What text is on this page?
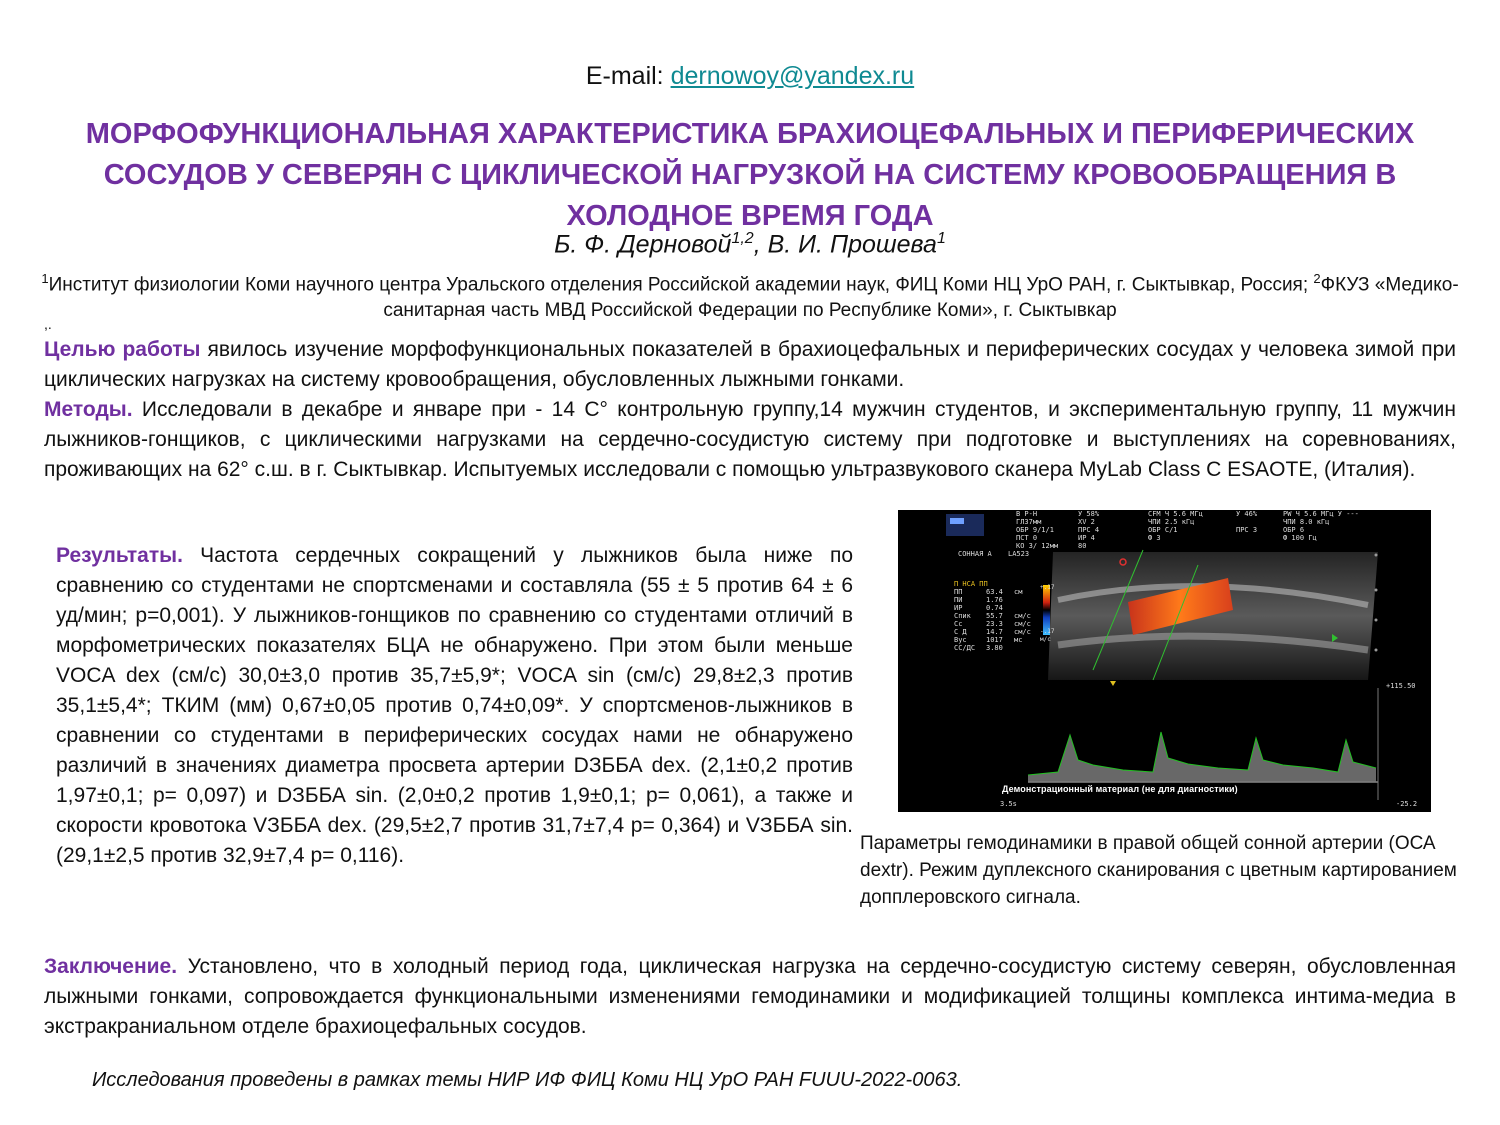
E-mail: dernowoy@yandex.ru
МОРФОФУНКЦИОНАЛЬНАЯ ХАРАКТЕРИСТИКА БРАХИОЦЕФАЛЬНЫХ И ПЕРИФЕРИЧЕСКИХ СОСУДОВ У СЕВЕРЯН С ЦИКЛИЧЕСКОЙ НАГРУЗКОЙ НА СИСТЕМУ КРОВООБРАЩЕНИЯ В ХОЛОДНОЕ ВРЕМЯ ГОДА
Б. Ф. Дерновой$^{1,2}$, В. И. Прошева$^1$
$^1$Институт физиологии Коми научного центра Уральского отделения Российской академии наук, ФИЦ Коми НЦ УрО РАН, г. Сыктывкар, Россия; $^2$ФКУЗ «Медико-санитарная часть МВД Российской Федерации по Республике Коми», г. Сыктывкар
,.
Целью работы явилось изучение морфофункциональных показателей в брахиоцефальных и периферических сосудах у человека зимой при циклических нагрузках на систему кровообращения, обусловленных лыжными гонками.
Методы. Исследовали в декабре и январе при - 14 С° контрольную группу,14 мужчин студентов, и экспериментальную группу, 11 мужчин лыжников-гонщиков, с циклическими нагрузками на сердечно-сосудистую систему при подготовке и выступлениях на соревнованиях, проживающих на 62° с.ш. в г. Сыктывкар. Испытуемых исследовали с помощью ультразвукового сканера MyLab Class C ESAOTE, (Италия).
Результаты. Частота сердечных сокращений у лыжников была ниже по сравнению со студентами не спортсменами и составляла (55 ± 5 против 64 ± 6 уд/мин; p=0,001). У лыжников-гонщиков по сравнению со студентами отличий в морфометрических показателях БЦА не обнаружено. При этом были меньше VOCA dex (см/с) 30,0±3,0 против 35,7±5,9*; VOCA sin (см/с) 29,8±2,3 против 35,1±5,4*; ТКИМ (мм) 0,67±0,05 против 0,74±0,09*. У спортсменов-лыжников в сравнении со студентами в периферических сосудах нами не обнаружено различий в значениях диаметра просвета артерии DЗББА dex. (2,1±0,2 против 1,97±0,1; p= 0,097) и DЗББА sin. (2,0±0,2 против 1,9±0,1; p= 0,061), а также и скорости кровотока VЗББА dex. (29,5±2,7 против 31,7±7,4 p= 0,364) и VЗББА sin. (29,1±2,5 против 32,9±7,4 p= 0,116).
B P-H
ГЛ37мм
ОБР 9/1/1
ПСТ 0
КО 3/ 12мм
У 58%
XV 2
ПРС 4
ИР 4
80
CFM Ч 5.6 МГц
ЧПИ 2.5 кГц
ОБР С/1
Ф 3
У 46%
ПРС 3
PW Ч 5.6 МГц У ---
ЧПИ 8.0 кГц
ОБР 6
Ф 100 Гц
СОННАЯ А LA523
П НСА ПП
ПП	63.4	см
ПИ	1.76
ИР	0.74
Спик	55.7	см/с
Сс	23.3	см/с
С Д	14.7	см/с
Вус	1017	мс
СС/ДС	3.80
+.17
-.17
м/с
+115.50
-25.2
3.5s
Демонстрационный материал (не для диагностики)
Параметры гемодинамики в правой общей сонной артерии (ОСА dextr). Режим дуплексного сканирования с цветным картированием допплеровского сигнала.
Заключение. Установлено, что в холодный период года, циклическая нагрузка на сердечно-сосудистую систему северян, обусловленная лыжными гонками, сопровождается функциональными изменениями гемодинамики и модификацией толщины комплекса интима-медиа в экстракраниальном отделе брахиоцефальных сосудов.
Исследования проведены в рамках темы НИР ИФ ФИЦ Коми НЦ УрО РАН FUUU-2022-0063.
